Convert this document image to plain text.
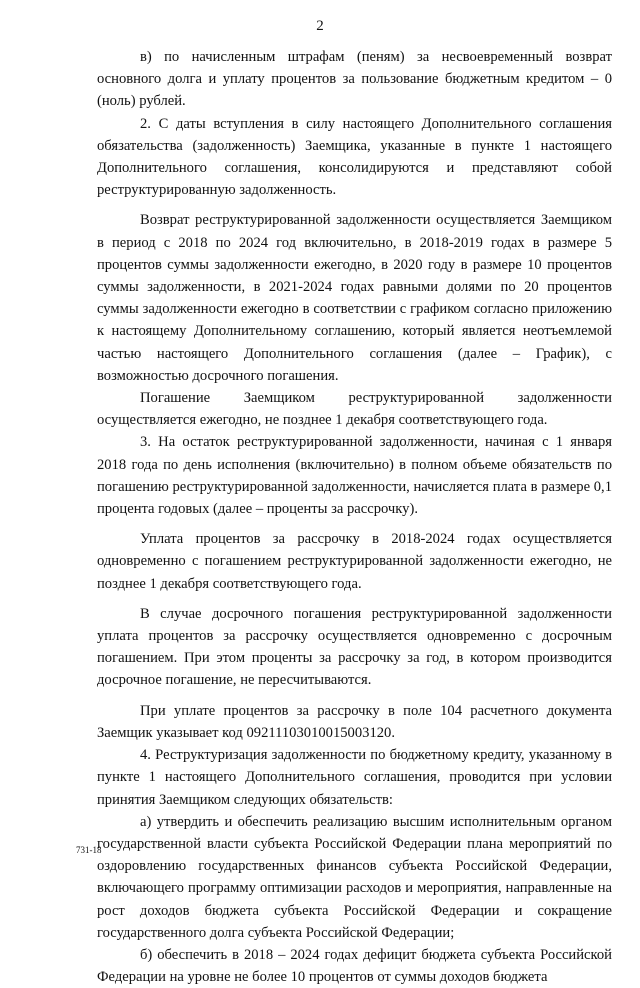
2

в) по начисленным штрафам (пеням) за несвоевременный возврат основного долга и уплату процентов за пользование бюджетным кредитом – 0 (ноль) рублей.

2. С даты вступления в силу настоящего Дополнительного соглашения обязательства (задолженность) Заемщика, указанные в пункте 1 настоящего Дополнительного соглашения, консолидируются и представляют собой реструктурированную задолженность.

Возврат реструктурированной задолженности осуществляется Заемщиком в период с 2018 по 2024 год включительно, в 2018-2019 годах в размере 5 процентов суммы задолженности ежегодно, в 2020 году в размере 10 процентов суммы задолженности, в 2021-2024 годах равными долями по 20 процентов суммы задолженности ежегодно в соответствии с графиком согласно приложению к настоящему Дополнительному соглашению, который является неотъемлемой частью настоящего Дополнительного соглашения (далее – График), с возможностью досрочного погашения.

Погашение Заемщиком реструктурированной задолженности осуществляется ежегодно, не позднее 1 декабря соответствующего года.

3. На остаток реструктурированной задолженности, начиная с 1 января 2018 года по день исполнения (включительно) в полном объеме обязательств по погашению реструктурированной задолженности, начисляется плата в размере 0,1 процента годовых (далее – проценты за рассрочку).

Уплата процентов за рассрочку в 2018-2024 годах осуществляется одновременно с погашением реструктурированной задолженности ежегодно, не позднее 1 декабря соответствующего года.

В случае досрочного погашения реструктурированной задолженности уплата процентов за рассрочку осуществляется одновременно с досрочным погашением. При этом проценты за рассрочку за год, в котором производится досрочное погашение, не пересчитываются.

При уплате процентов за рассрочку в поле 104 расчетного документа Заемщик указывает код 09211103010015003120.

4. Реструктуризация задолженности по бюджетному кредиту, указанному в пункте 1 настоящего Дополнительного соглашения, проводится при условии принятия Заемщиком следующих обязательств:

а) утвердить и обеспечить реализацию высшим исполнительным органом государственной власти субъекта Российской Федерации плана мероприятий по оздоровлению государственных финансов субъекта Российской Федерации, включающего программу оптимизации расходов и мероприятия, направленные на рост доходов бюджета субъекта Российской Федерации и сокращение государственного долга субъекта Российской Федерации;

б) обеспечить в 2018 – 2024 годах дефицит бюджета субъекта Российской Федерации на уровне не более 10 процентов от суммы доходов бюджета

731-18
